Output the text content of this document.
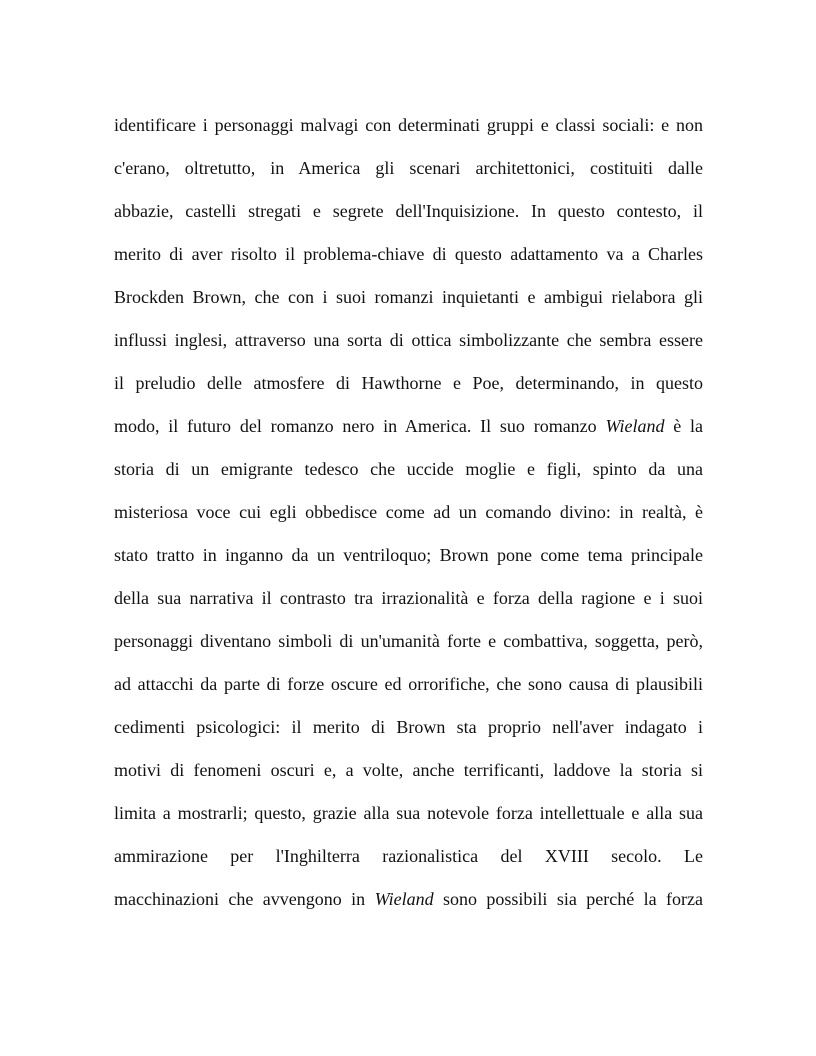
identificare i personaggi malvagi con determinati gruppi e classi sociali: e non
c'erano, oltretutto, in America gli scenari architettonici, costituiti dalle
abbazie, castelli stregati e segrete dell'Inquisizione. In questo contesto, il
merito di aver risolto il problema-chiave di questo adattamento va a Charles
Brockden Brown, che con i suoi romanzi inquietanti e ambigui rielabora gli
influssi inglesi, attraverso una sorta di ottica simbolizzante che sembra essere
il preludio delle atmosfere di Hawthorne e Poe, determinando, in questo
modo, il futuro del romanzo nero in America. Il suo romanzo Wieland è la
storia di un emigrante tedesco che uccide moglie e figli, spinto da una
misteriosa voce cui egli obbedisce come ad un comando divino: in realtà, è
stato tratto in inganno da un ventriloquo; Brown pone come tema principale
della sua narrativa il contrasto tra irrazionalità e forza della ragione e i suoi
personaggi diventano simboli di un'umanità forte e combattiva, soggetta, però,
ad attacchi da parte di forze oscure ed orrorifiche, che sono causa di plausibili
cedimenti psicologici: il merito di Brown sta proprio nell'aver indagato i
motivi di fenomeni oscuri e, a volte, anche terrificanti, laddove la storia si
limita a mostrarli; questo, grazie alla sua notevole forza intellettuale e alla sua
ammirazione per l'Inghilterra razionalistica del XVIII secolo. Le
macchinazioni che avvengono in Wieland sono possibili sia perché la forza
